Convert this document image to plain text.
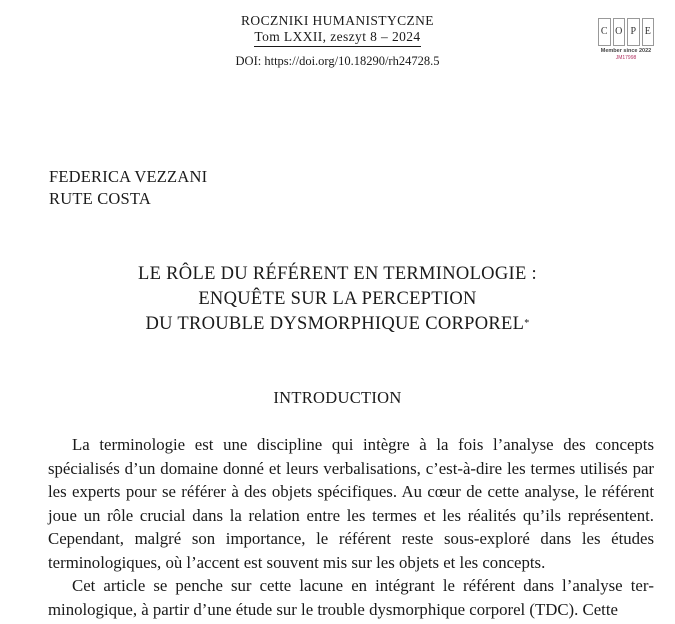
ROCZNIKI HUMANISTYCZNE
Tom LXXII, zeszyt 8 – 2024
DOI: https://doi.org/10.18290/rh24728.5
C O P E
Member since 2022
JM17998
FEDERICA VEZZANI
RUTE COSTA
LE RÔLE DU RÉFÉRENT EN TERMINOLOGIE :
ENQUÊTE SUR LA PERCEPTION
DU TROUBLE DYSMORPHIQUE CORPOREL*
INTRODUCTION

La terminologie est une discipline qui intègre à la fois l’analyse des concepts spécialisés d’un domaine donné et leurs verbalisations, c’est-à-dire les termes utilisés par les experts pour se référer à des objets spécifiques. Au cœur de cette analyse, le référent joue un rôle crucial dans la relation entre les termes et les réalités qu’ils représentent. Cependant, malgré son importance, le référent reste sous-exploré dans les études terminologiques, où l’accent est souvent mis sur les objets et les concepts.

Cet article se penche sur cette lacune en intégrant le référent dans l’analyse terminologique, à partir d’une étude sur le trouble dysmorphique corporel (TDC). Cette
